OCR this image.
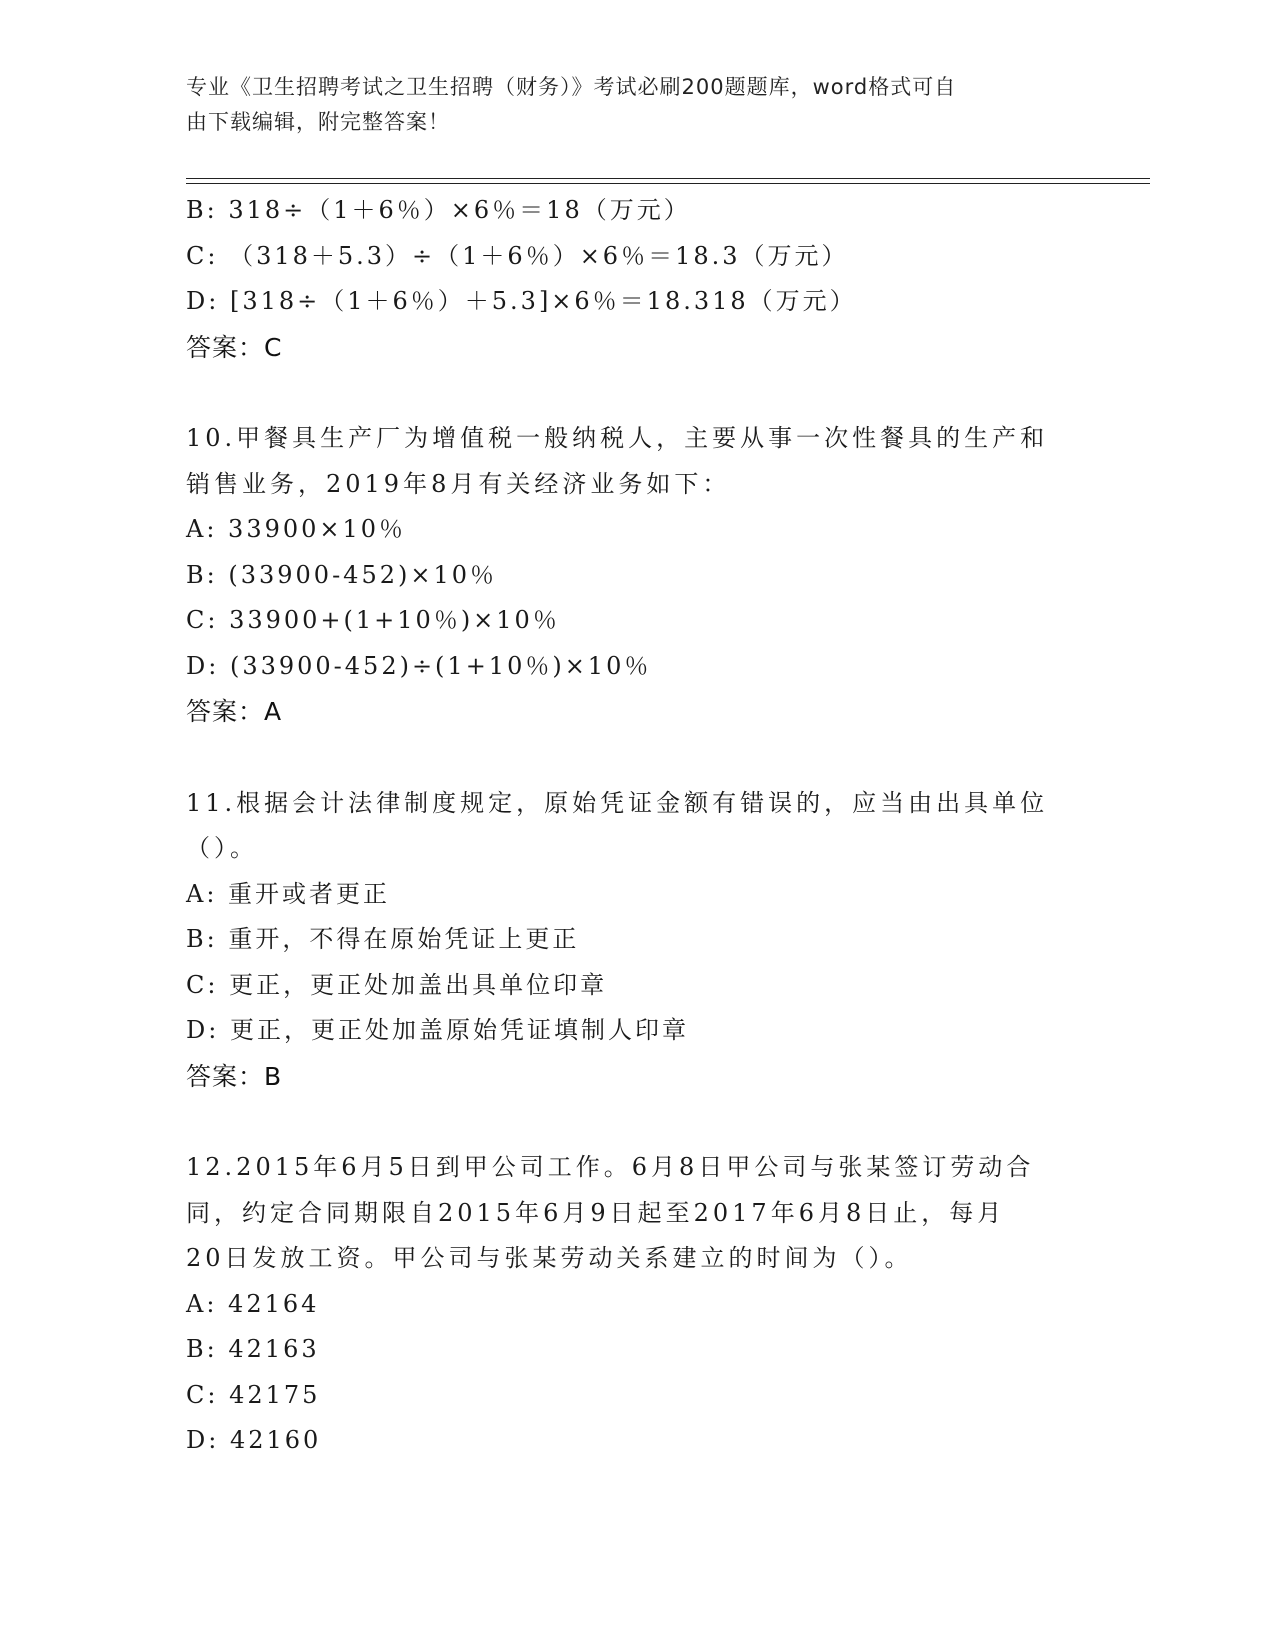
专业《卫生招聘考试之卫生招聘（财务）》考试必刷200题题库，word格式可自
由下载编辑，附完整答案！
B: 318÷（1＋6％）×6％＝18（万元）
C: （318＋5.3）÷（1＋6％）×6％＝18.3（万元）
D: [318÷（1＋6％）＋5.3]×6％＝18.318（万元）
答案：C
10.甲餐具生产厂为增值税一般纳税人，主要从事一次性餐具的生产和
销售业务，2019年8月有关经济业务如下：
A: 33900×10％
B: (33900-452)×10％
C: 33900+(1+10％)×10％
D: (33900-452)÷(1+10％)×10％
答案：A
11.根据会计法律制度规定，原始凭证金额有错误的，应当由出具单位
（）。
A: 重开或者更正
B: 重开，不得在原始凭证上更正
C: 更正，更正处加盖出具单位印章
D: 更正，更正处加盖原始凭证填制人印章
答案：B
12.2015年6月5日到甲公司工作。6月8日甲公司与张某签订劳动合
同，约定合同期限自2015年6月9日起至2017年6月8日止，每月
20日发放工资。甲公司与张某劳动关系建立的时间为（）。
A: 42164
B: 42163
C: 42175
D: 42160
